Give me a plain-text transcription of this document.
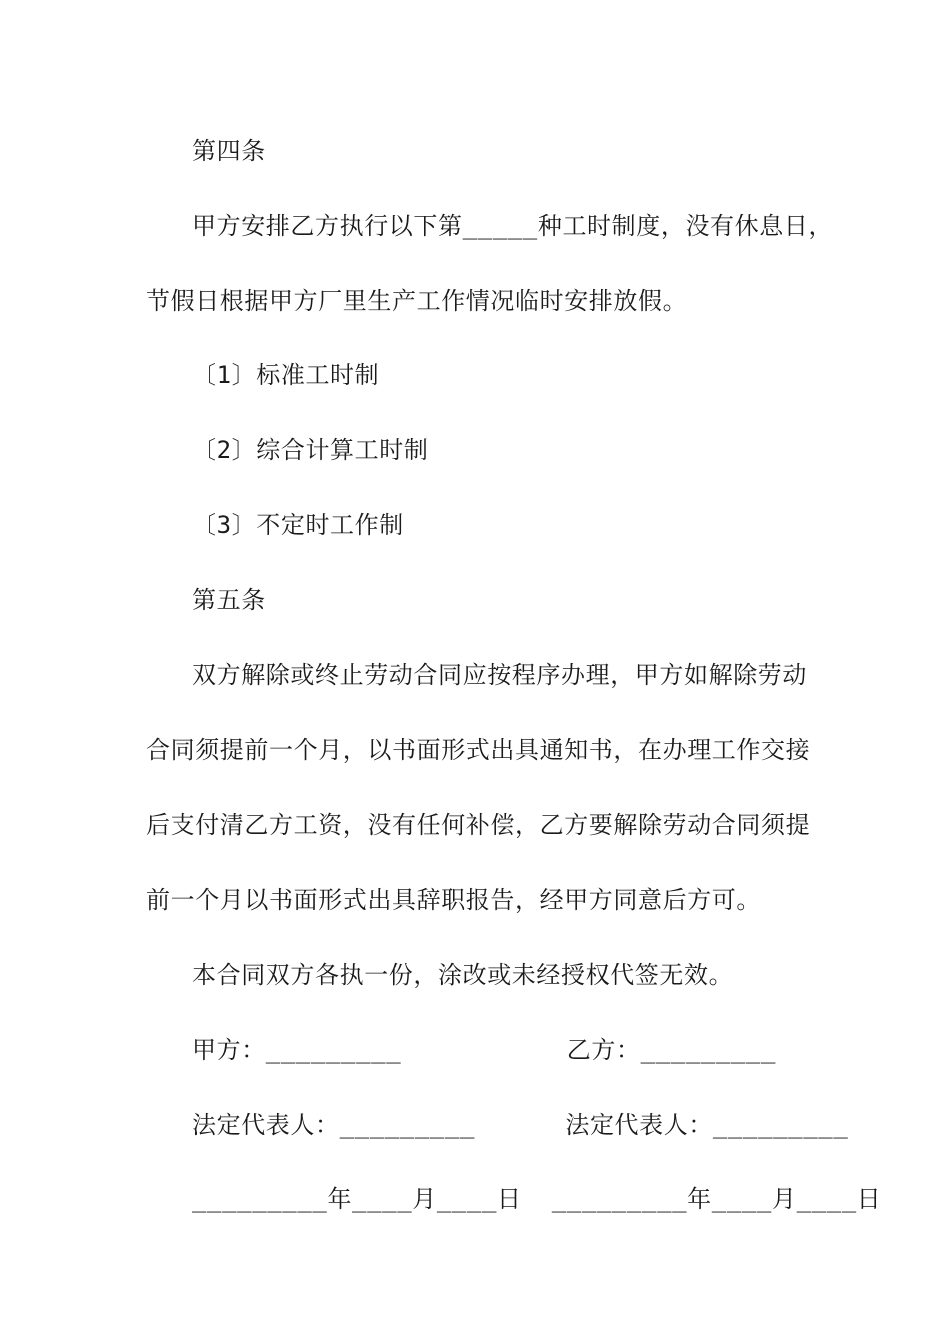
第四条
甲方安排乙方执行以下第_____种工时制度，没有休息日，
节假日根据甲方厂里生产工作情况临时安排放假。
〔1〕标准工时制
〔2〕综合计算工时制
〔3〕不定时工作制
第五条
双方解除或终止劳动合同应按程序办理，甲方如解除劳动
合同须提前一个月，以书面形式出具通知书，在办理工作交接
后支付清乙方工资，没有任何补偿，乙方要解除劳动合同须提
前一个月以书面形式出具辞职报告，经甲方同意后方可。
本合同双方各执一份，涂改或未经授权代签无效。
甲方：_________           乙方：_________
法定代表人：_________      法定代表人：_________
_________年____月____日  _________年____月____日
